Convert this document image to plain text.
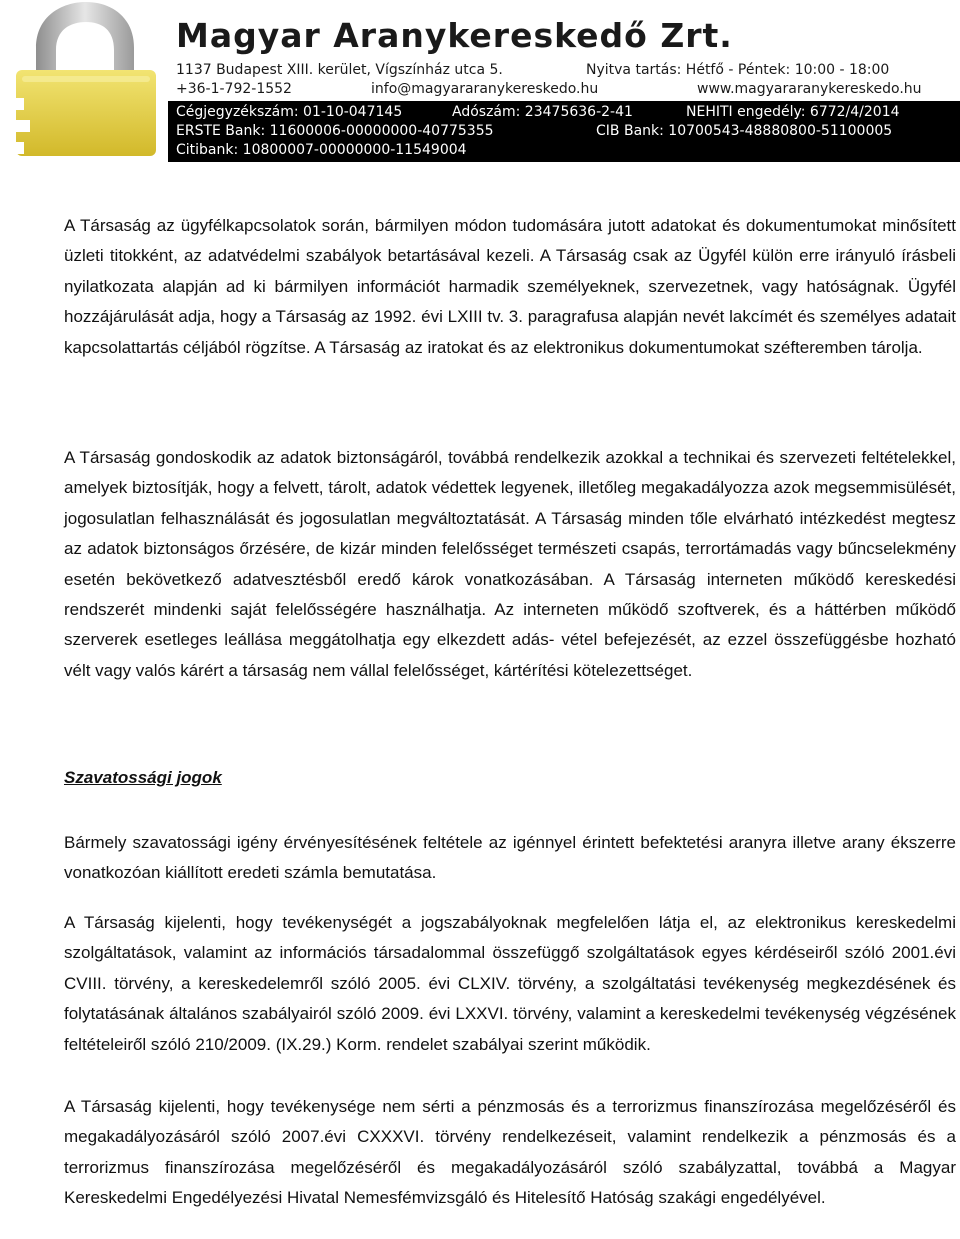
Magyar Aranykereskedő Zrt.
1137 Budapest XIII. kerület, Vígszínház utca 5.	Nyitva tartás: Hétfő - Péntek: 10:00 - 18:00
+36-1-792-1552	info@magyararanykereskedo.hu	www.magyararanykereskedo.hu
Cégjegyzékszám: 01-10-047145	Adószám: 23475636-2-41	NEHITI engedély: 6772/4/2014
ERSTE Bank: 11600006-00000000-40775355	CIB Bank: 10700543-48880800-51100005
Citibank: 10800007-00000000-11549004
A Társaság az ügyfélkapcsolatok során, bármilyen módon tudomására jutott adatokat és dokumentumokat minősített üzleti titokként, az adatvédelmi szabályok betartásával kezeli. A Társaság csak az Ügyfél külön erre irányuló írásbeli nyilatkozata alapján ad ki bármilyen információt harmadik személyeknek, szervezetnek, vagy hatóságnak. Ügyfél hozzájárulását adja, hogy a Társaság az 1992. évi LXIII tv. 3. paragrafusa alapján nevét lakcímét és személyes adatait kapcsolattartás céljából rögzítse. A Társaság az iratokat és az elektronikus dokumentumokat széfteremben tárolja.
A Társaság gondoskodik az adatok biztonságáról, továbbá rendelkezik azokkal a technikai és szervezeti feltételekkel, amelyek biztosítják, hogy a felvett, tárolt, adatok védettek legyenek, illetőleg megakadályozza azok megsemmisülését, jogosulatlan felhasználását és jogosulatlan megváltoztatását. A Társaság minden tőle elvárható intézkedést megtesz az adatok biztonságos őrzésére, de kizár minden felelősséget természeti csapás, terrortámadás vagy bűncselekmény esetén bekövetkező adatvesztésből eredő károk vonatkozásában. A Társaság interneten működő kereskedési rendszerét mindenki saját felelősségére használhatja. Az interneten működő szoftverek, és a háttérben működő szerverek esetleges leállása meggátolhatja egy elkezdett adás- vétel befejezését, az ezzel összefüggésbe hozható vélt vagy valós kárért a társaság nem vállal felelősséget, kártérítési kötelezettséget.
Szavatossági jogok
Bármely szavatossági igény érvényesítésének feltétele az igénnyel érintett befektetési aranyra illetve arany ékszerre vonatkozóan kiállított eredeti számla bemutatása.
A Társaság kijelenti, hogy tevékenységét a jogszabályoknak megfelelően látja el, az elektronikus kereskedelmi szolgáltatások, valamint az információs társadalommal összefüggő szolgáltatások egyes kérdéseiről szóló 2001.évi CVIII. törvény, a kereskedelemről szóló 2005. évi CLXIV. törvény, a szolgáltatási tevékenység megkezdésének és folytatásának általános szabályairól szóló 2009. évi LXXVI. törvény, valamint a kereskedelmi tevékenység végzésének feltételeiről szóló 210/2009. (IX.29.) Korm. rendelet szabályai szerint működik.
A Társaság kijelenti, hogy tevékenysége nem sérti a pénzmosás és a terrorizmus finanszírozása megelőzéséről és megakadályozásáról szóló 2007.évi CXXXVI. törvény rendelkezéseit, valamint rendelkezik a pénzmosás és a terrorizmus finanszírozása megelőzéséről és megakadályozásáról szóló szabályzattal, továbbá a Magyar Kereskedelmi Engedélyezési Hivatal Nemesfémvizsgáló és Hitelesítő Hatóság szakági engedélyével.
